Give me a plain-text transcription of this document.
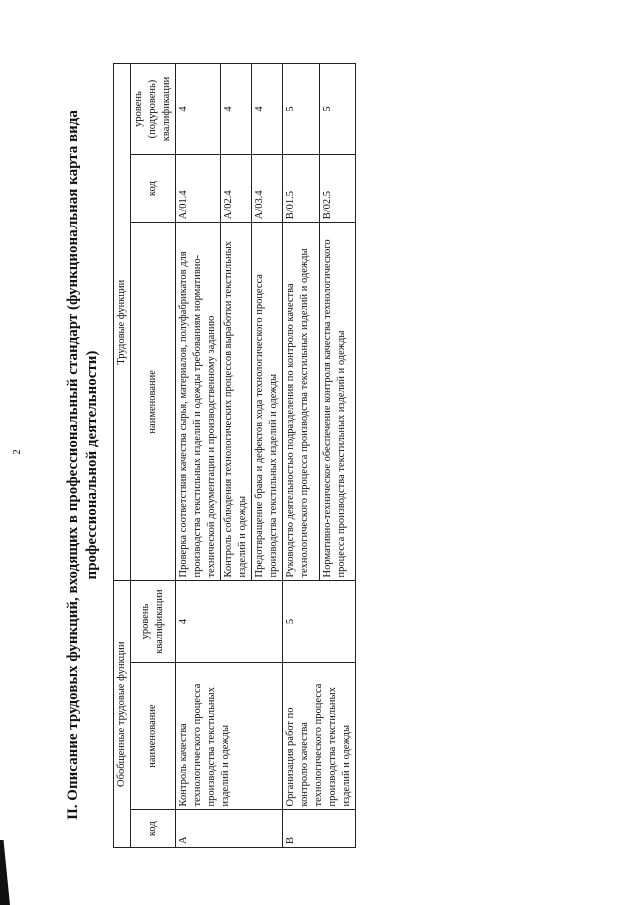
2	II. Описание трудовых функций, входящих в профессиональный стандарт (функциональная карта вида профессиональной деятельности)
Обобщенные трудовые функции			Трудовые функции		
код	наименование	уровень квалификации	наименование	код	уровень (подуровень) квалификации
A	Контроль качества технологического процесса производства текстильных изделий и одежды	4	Проверка соответствия качества сырья, материалов, полуфабрикатов для производства текстильных изделий и одежды требованиям нормативно-технической документации и производственному заданию	A/01.4	4
			Контроль соблюдения технологических процессов выработки текстильных изделий и одежды	A/02.4	4
			Предотвращение брака и дефектов хода технологического процесса производства текстильных изделий и одежды	A/03.4	4
B	Организация работ по контролю качества технологического процесса производства текстильных изделий и одежды	5	Руководство деятельностью подразделения по контролю качества технологического процесса производства текстильных изделий и одежды	B/01.5	5
			Нормативно-техническое обеспечение контроля качества технологического процесса производства текстильных изделий и одежды	B/02.5	5
